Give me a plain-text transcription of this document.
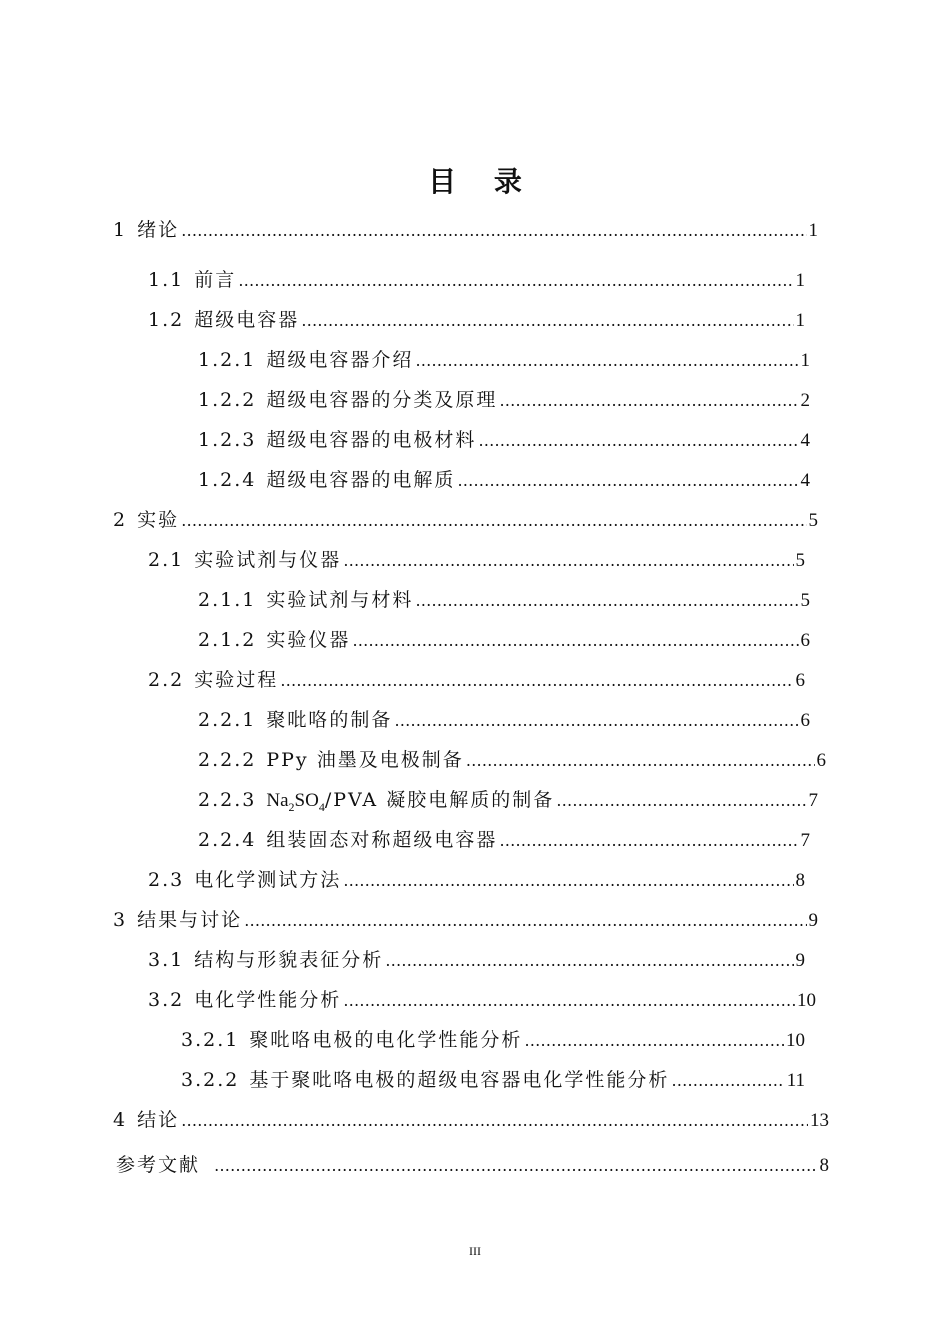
目 录
1 绪论 ……………………………………………………………………………………………………………………………………………………………………	1
1.1 前言 ……………………………………………………………………………………………………………………………………………………………………	1
1.2 超级电容器 ……………………………………………………………………………………………………………………………………………………………………	1
1.2.1 超级电容器介绍 ……………………………………………………………………………………………………………………………………………………………………	1
1.2.2 超级电容器的分类及原理 ……………………………………………………………………………………………………………………………………………………………………	2
1.2.3 超级电容器的电极材料 ……………………………………………………………………………………………………………………………………………………………………	4
1.2.4 超级电容器的电解质 ……………………………………………………………………………………………………………………………………………………………………	4
2 实验 ……………………………………………………………………………………………………………………………………………………………………	5
2.1 实验试剂与仪器 ……………………………………………………………………………………………………………………………………………………………………	5
2.1.1 实验试剂与材料 ……………………………………………………………………………………………………………………………………………………………………	5
2.1.2 实验仪器 ……………………………………………………………………………………………………………………………………………………………………	6
2.2 实验过程 ……………………………………………………………………………………………………………………………………………………………………	6
2.2.1 聚吡咯的制备 ……………………………………………………………………………………………………………………………………………………………………	6
2.2.2 PPy 油墨及电极制备 ……………………………………………………………………………………………………………………………………………………………………	6
2.2.3 $Na_2SO_4$/PVA 凝胶电解质的制备 ……………………………………………………………………………………………………………………………………………………………………	7
2.2.4 组装固态对称超级电容器 ……………………………………………………………………………………………………………………………………………………………………	7
2.3 电化学测试方法 ……………………………………………………………………………………………………………………………………………………………………	8
3 结果与讨论 ……………………………………………………………………………………………………………………………………………………………………	9
3.1 结构与形貌表征分析 ……………………………………………………………………………………………………………………………………………………………………	9
3.2 电化学性能分析 ……………………………………………………………………………………………………………………………………………………………………	10
3.2.1 聚吡咯电极的电化学性能分析 ……………………………………………………………………………………………………………………………………………………………………	10
3.2.2 基于聚吡咯电极的超级电容器电化学性能分析 ……………………………………………………………………………………………………………………………………………………………………	11
4 结论 ……………………………………………………………………………………………………………………………………………………………………	13
参考文献 ……………………………………………………………………………………………………………………………………………………………………	8
III
